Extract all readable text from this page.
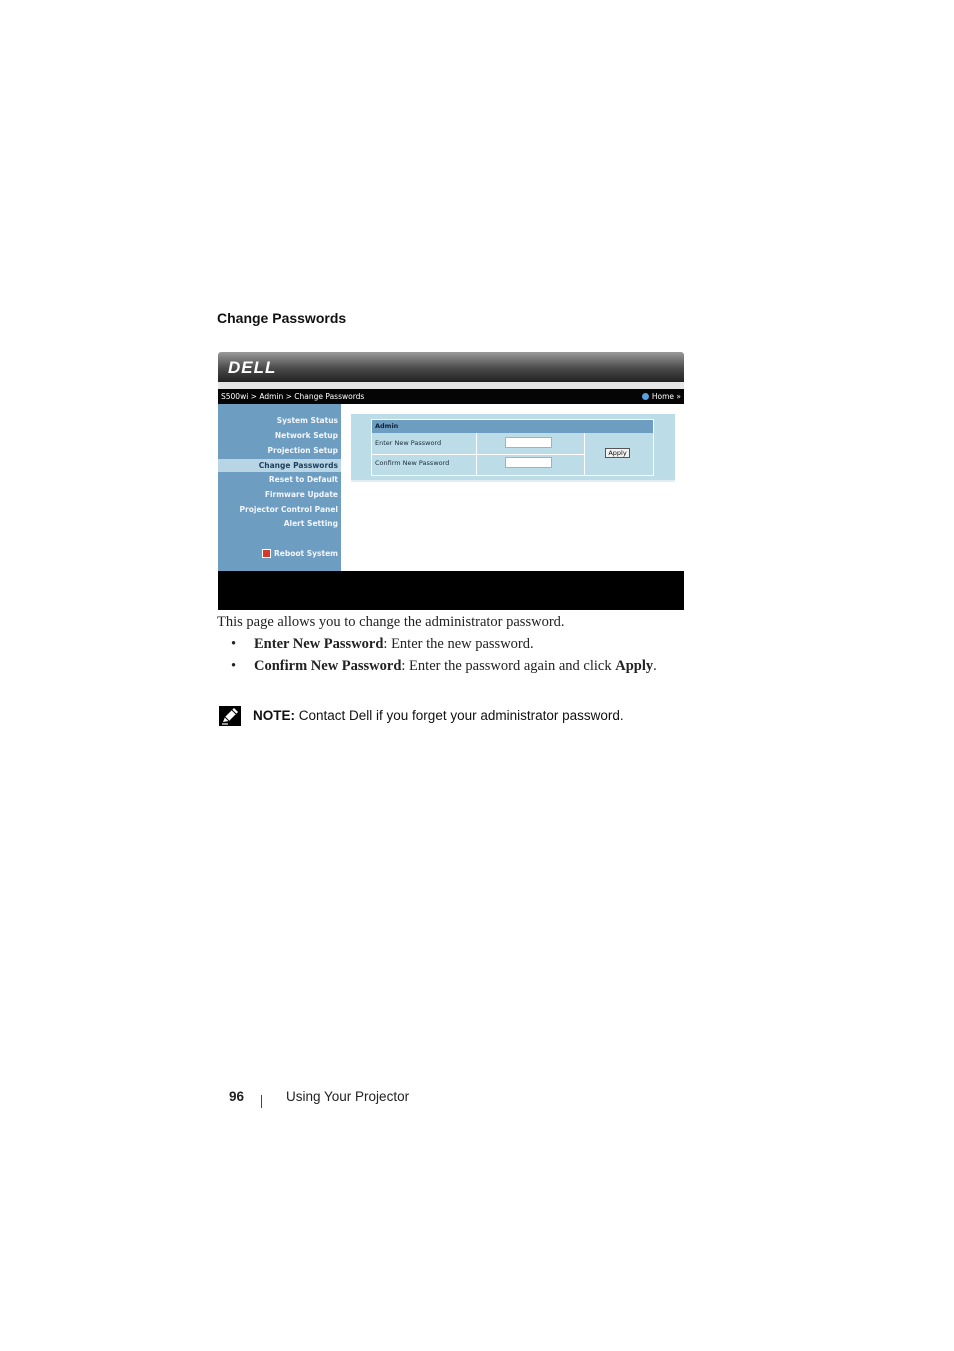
Change Passwords
DELL
S500wi > Admin > Change Passwords	Home »
System Status
Network Setup
Projection Setup
Change Passwords
Reset to Default
Firmware Update
Projector Control Panel
Alert Setting
Reboot System
Admin
Enter New Password
Confirm New Password
Apply
This page allows you to change the administrator password.
• Enter New Password: Enter the new password.
• Confirm New Password: Enter the password again and click Apply.
NOTE: Contact Dell if you forget your administrator password.
96	Using Your Projector
